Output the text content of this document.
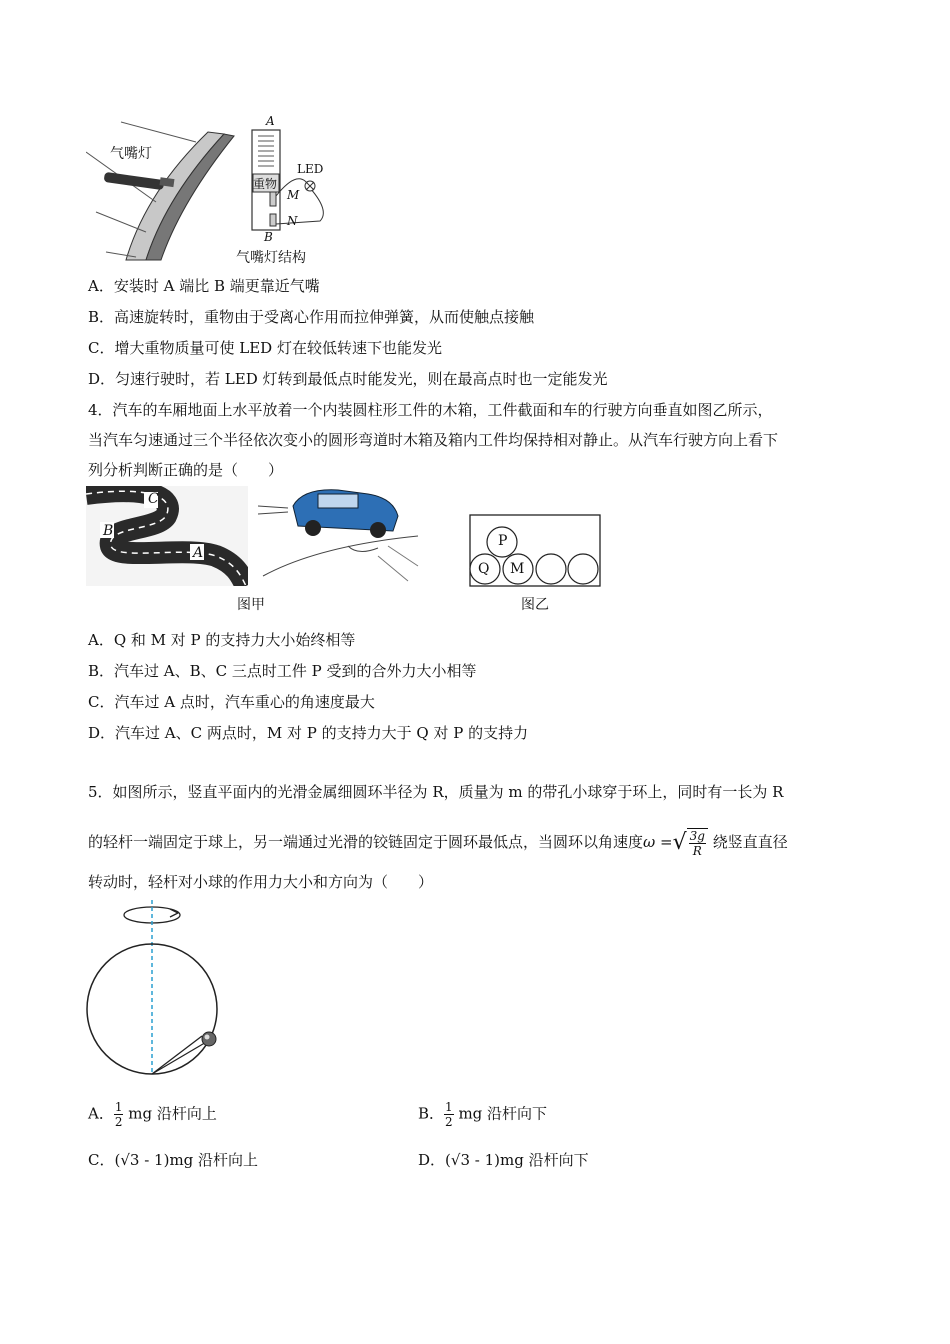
气嘴灯
A
B
重物
LED
M
N
气嘴灯结构
A．安装时 A 端比 B 端更靠近气嘴
B．高速旋转时，重物由于受离心作用而拉伸弹簧，从而使触点接触
C．增大重物质量可使 LED 灯在较低转速下也能发光
D．匀速行驶时，若 LED 灯转到最低点时能发光，则在最高点时也一定能发光
4．汽车的车厢地面上水平放着一个内装圆柱形工件的木箱，工件截面和车的行驶方向垂直如图乙所示，
当汽车匀速通过三个半径依次变小的圆形弯道时木箱及箱内工件均保持相对静止。从汽车行驶方向上看下
列分析判断正确的是（　　）
C
B
A
图甲
P
Q M
图乙
A．Q 和 M 对 P 的支持力大小始终相等
B．汽车过 A、B、C 三点时工件 P 受到的合外力大小相等
C．汽车过 A 点时，汽车重心的角速度最大
D．汽车过 A、C 两点时，M 对 P 的支持力大于 Q 对 P 的支持力
5．如图所示，竖直平面内的光滑金属细圆环半径为 R，质量为 m 的带孔小球穿于环上，同时有一长为 R
的轻杆一端固定于球上，另一端通过光滑的铰链固定于圆环最低点，当圆环以角速度ω =√ $\frac{3g}{R}$ 绕竖直直径
转动时，轻杆对小球的作用力大小和方向为（　　）
A． $\frac{1}{2}$ mg 沿杆向上	B． $\frac{1}{2}$ mg 沿杆向下
C．(√3 - 1)mg 沿杆向上	D．(√3 - 1)mg 沿杆向下
